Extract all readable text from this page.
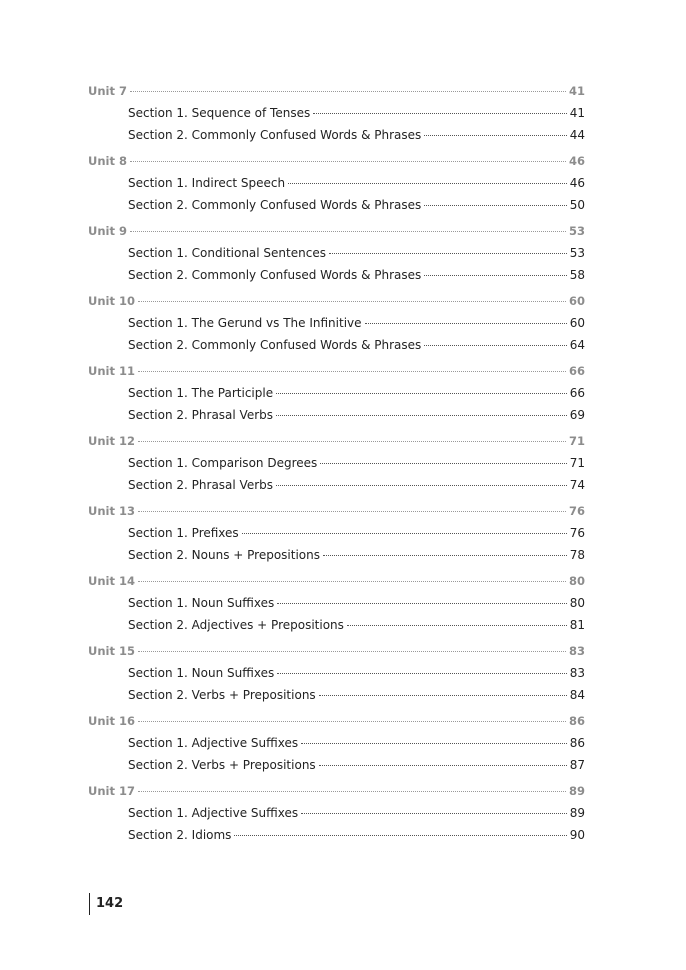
Unit 7	41
Section 1. Sequence of Tenses	41
Section 2. Commonly Confused Words & Phrases	44
Unit 8	46
Section 1. Indirect Speech	46
Section 2. Commonly Confused Words & Phrases	50
Unit 9	53
Section 1. Conditional Sentences	53
Section 2. Commonly Confused Words & Phrases	58
Unit 10	60
Section 1. The Gerund vs The Infinitive	60
Section 2. Commonly Confused Words & Phrases	64
Unit 11	66
Section 1. The Participle	66
Section 2. Phrasal Verbs	69
Unit 12	71
Section 1. Comparison Degrees	71
Section 2. Phrasal Verbs	74
Unit 13	76
Section 1. Prefixes	76
Section 2. Nouns + Prepositions	78
Unit 14	80
Section 1. Noun Suffixes	80
Section 2. Adjectives + Prepositions	81
Unit 15	83
Section 1. Noun Suffixes	83
Section 2. Verbs + Prepositions	84
Unit 16	86
Section 1. Adjective Suffixes	86
Section 2. Verbs + Prepositions	87
Unit 17	89
Section 1. Adjective Suffixes	89
Section 2. Idioms	90
142
